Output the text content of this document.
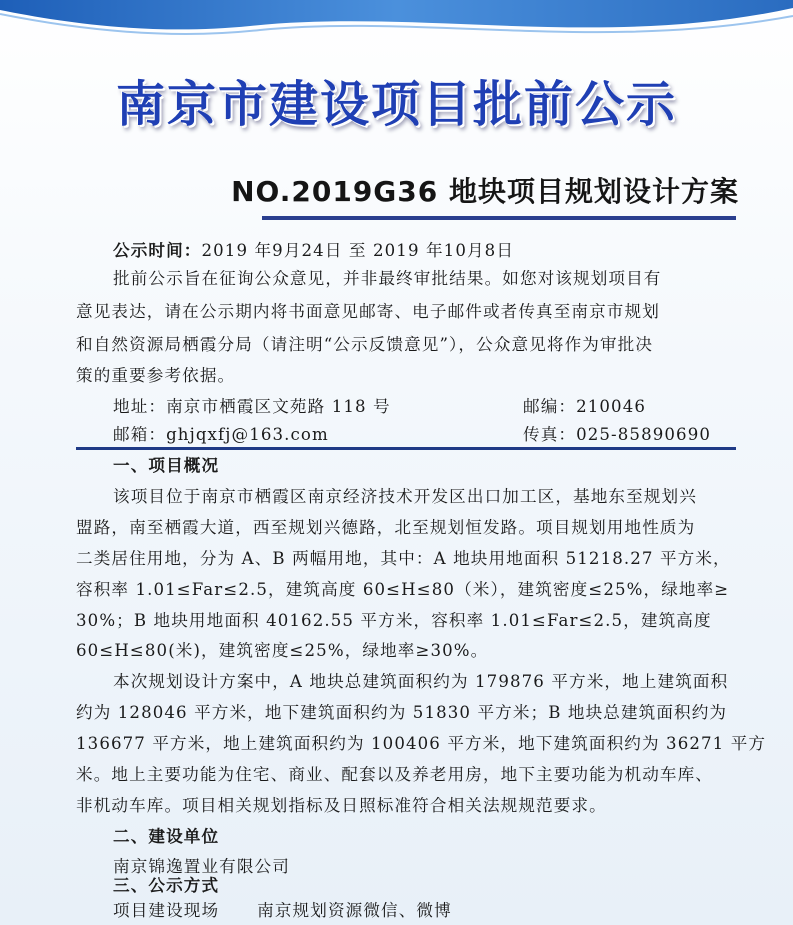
南京市建设项目批前公示
NO.2019G36 地块项目规划设计方案
公示时间：2019 年9月24日 至 2019 年10月8日
批前公示旨在征询公众意见，并非最终审批结果。如您对该规划项目有
意见表达，请在公示期内将书面意见邮寄、电子邮件或者传真至南京市规划
和自然资源局栖霞分局（请注明“公示反馈意见”），公众意见将作为审批决
策的重要参考依据。
地址：南京市栖霞区文苑路 118 号	邮编：210046
邮箱：ghjqxfj@163.com	传真：025-85890690
一、项目概况
该项目位于南京市栖霞区南京经济技术开发区出口加工区，基地东至规划兴
盟路，南至栖霞大道，西至规划兴德路，北至规划恒发路。项目规划用地性质为
二类居住用地，分为 A、B 两幅用地，其中：A 地块用地面积 51218.27 平方米，
容积率 1.01≤Far≤2.5，建筑高度 60≤H≤80（米），建筑密度≤25%，绿地率≥
30%；B 地块用地面积 40162.55 平方米，容积率 1.01≤Far≤2.5，建筑高度
60≤H≤80(米)，建筑密度≤25%，绿地率≥30%。
本次规划设计方案中，A 地块总建筑面积约为 179876 平方米，地上建筑面积
约为 128046 平方米，地下建筑面积约为 51830 平方米；B 地块总建筑面积约为
136677 平方米，地上建筑面积约为 100406 平方米，地下建筑面积约为 36271 平方
米。地上主要功能为住宅、商业、配套以及养老用房，地下主要功能为机动车库、
非机动车库。项目相关规划指标及日照标准符合相关法规规范要求。
二、建设单位
南京锦逸置业有限公司
三、公示方式
项目建设现场 南京规划资源微信、微博
